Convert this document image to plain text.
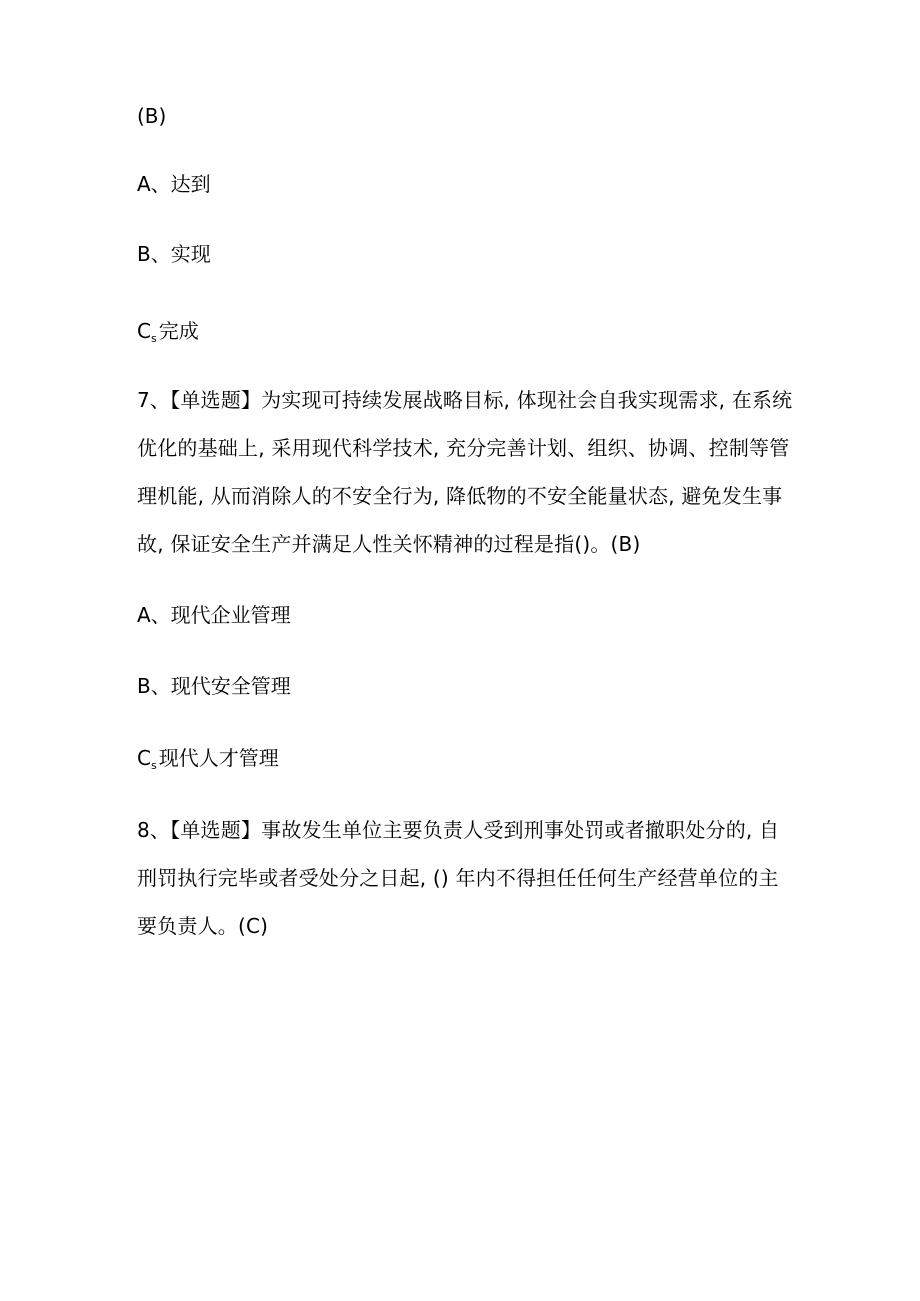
(B)
A、达到
B、实现
$C_s$ 完成
7、【单选题】为实现可持续发展战略目标, 体现社会自我实现需求, 在系统
优化的基础上, 采用现代科学技术, 充分完善计划、组织、协调、控制等管
理机能, 从而消除人的不安全行为, 降低物的不安全能量状态, 避免发生事
故, 保证安全生产并满足人性关怀精神的过程是指()。(B)
A、现代企业管理
B、现代安全管理
$C_s$ 现代人才管理
8、【单选题】事故发生单位主要负责人受到刑事处罚或者撤职处分的, 自
刑罚执行完毕或者受处分之日起, () 年内不得担任任何生产经营单位的主
要负责人。(C)
